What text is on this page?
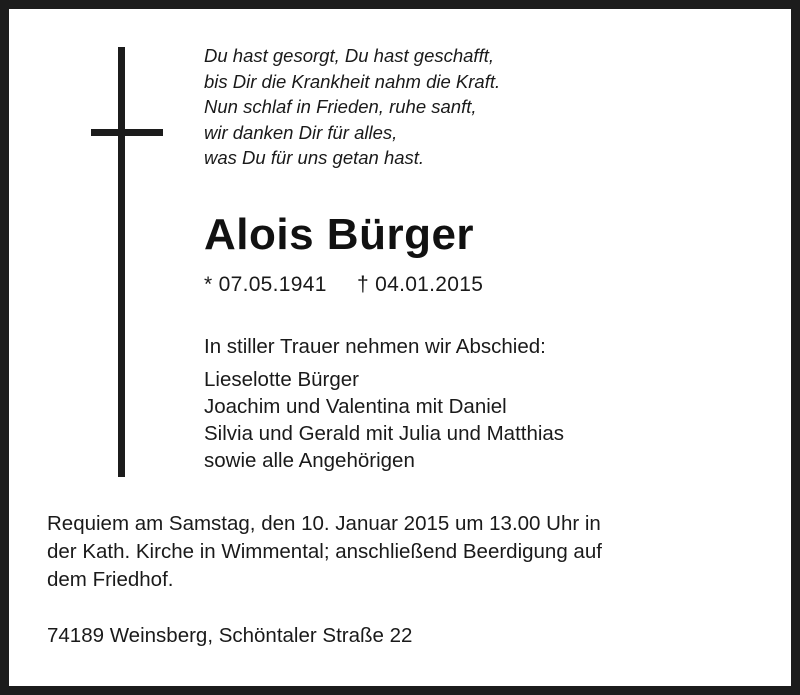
Du hast gesorgt, Du hast geschafft,
bis Dir die Krankheit nahm die Kraft.
Nun schlaf in Frieden, ruhe sanft,
wir danken Dir für alles,
was Du für uns getan hast.
Alois Bürger
* 07.05.1941 † 04.01.2015
In stiller Trauer nehmen wir Abschied:
Lieselotte Bürger
Joachim und Valentina mit Daniel
Silvia und Gerald mit Julia und Matthias
sowie alle Angehörigen
Requiem am Samstag, den 10. Januar 2015 um 13.00 Uhr in
der Kath. Kirche in Wimmental; anschließend Beerdigung auf
dem Friedhof.
74189 Weinsberg, Schöntaler Straße 22
